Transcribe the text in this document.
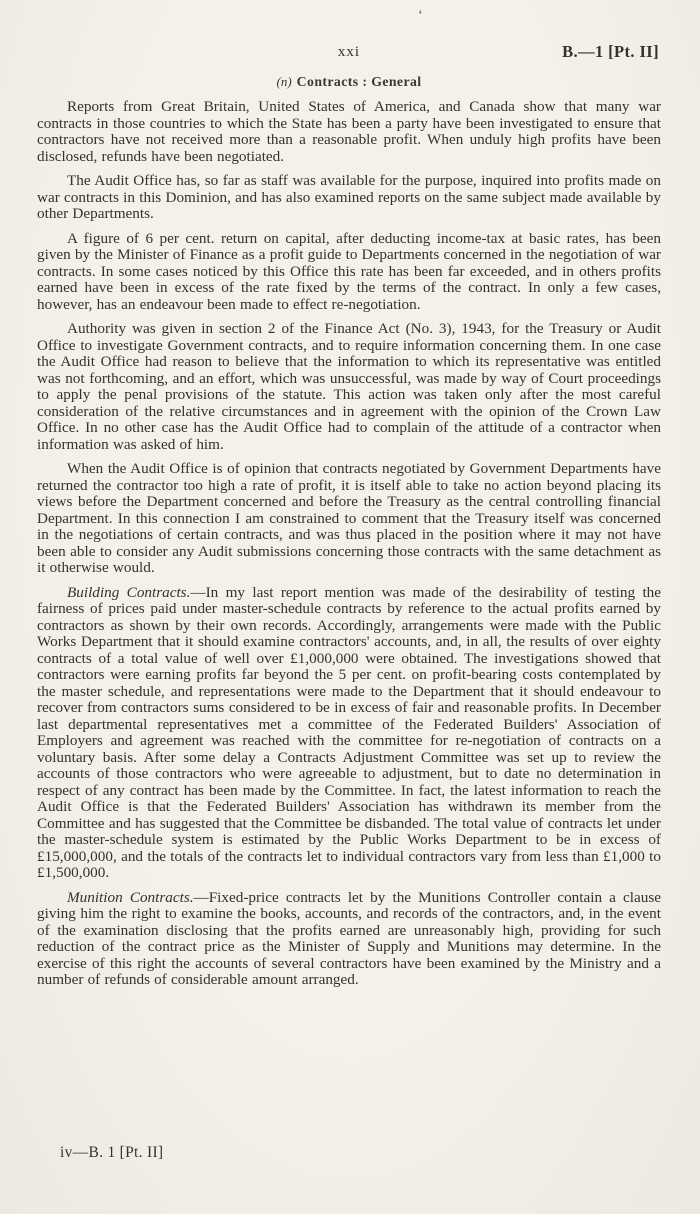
‘
xxi	B.—1 [Pt. II]
(n) Contracts : General

Reports from Great Britain, United States of America, and Canada show that many war contracts in those countries to which the State has been a party have been investigated to ensure that contractors have not received more than a reasonable profit. When unduly high profits have been disclosed, refunds have been negotiated.

The Audit Office has, so far as staff was available for the purpose, inquired into profits made on war contracts in this Dominion, and has also examined reports on the same subject made available by other Departments.

A figure of 6 per cent. return on capital, after deducting income-tax at basic rates, has been given by the Minister of Finance as a profit guide to Departments concerned in the negotiation of war contracts. In some cases noticed by this Office this rate has been far exceeded, and in others profits earned have been in excess of the rate fixed by the terms of the contract. In only a few cases, however, has an endeavour been made to effect re-negotiation.

Authority was given in section 2 of the Finance Act (No. 3), 1943, for the Treasury or Audit Office to investigate Government contracts, and to require information concerning them. In one case the Audit Office had reason to believe that the information to which its representative was entitled was not forthcoming, and an effort, which was unsuccessful, was made by way of Court proceedings to apply the penal provisions of the statute. This action was taken only after the most careful consideration of the relative circumstances and in agreement with the opinion of the Crown Law Office. In no other case has the Audit Office had to complain of the attitude of a contractor when information was asked of him.

When the Audit Office is of opinion that contracts negotiated by Government Departments have returned the contractor too high a rate of profit, it is itself able to take no action beyond placing its views before the Department concerned and before the Treasury as the central controlling financial Department. In this connection I am constrained to comment that the Treasury itself was concerned in the negotiations of certain contracts, and was thus placed in the position where it may not have been able to consider any Audit submissions concerning those contracts with the same detachment as it otherwise would.

Building Contracts.—In my last report mention was made of the desirability of testing the fairness of prices paid under master-schedule contracts by reference to the actual profits earned by contractors as shown by their own records. Accordingly, arrangements were made with the Public Works Department that it should examine contractors' accounts, and, in all, the results of over eighty contracts of a total value of well over £1,000,000 were obtained. The investigations showed that contractors were earning profits far beyond the 5 per cent. on profit-bearing costs contemplated by the master schedule, and representations were made to the Department that it should endeavour to recover from contractors sums considered to be in excess of fair and reasonable profits. In December last departmental representatives met a committee of the Federated Builders' Association of Employers and agreement was reached with the committee for re-negotiation of contracts on a voluntary basis. After some delay a Contracts Adjustment Committee was set up to review the accounts of those contractors who were agreeable to adjustment, but to date no determination in respect of any contract has been made by the Committee. In fact, the latest information to reach the Audit Office is that the Federated Builders' Association has withdrawn its member from the Committee and has suggested that the Committee be disbanded. The total value of contracts let under the master-schedule system is estimated by the Public Works Department to be in excess of £15,000,000, and the totals of the contracts let to individual contractors vary from less than £1,000 to £1,500,000.

Munition Contracts.—Fixed-price contracts let by the Munitions Controller contain a clause giving him the right to examine the books, accounts, and records of the contractors, and, in the event of the examination disclosing that the profits earned are unreasonably high, providing for such reduction of the contract price as the Minister of Supply and Munitions may determine. In the exercise of this right the accounts of several contractors have been examined by the Ministry and a number of refunds of considerable amount arranged.

iv—B. 1 [Pt. II]
